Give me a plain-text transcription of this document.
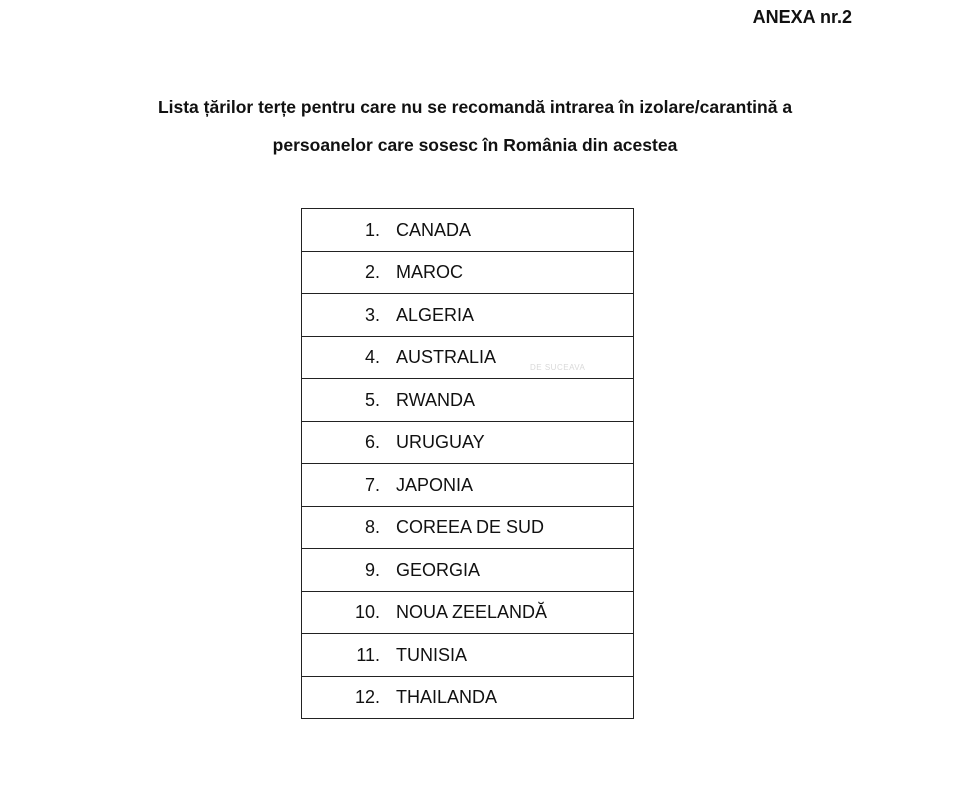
ANEXA nr.2
Lista țărilor terțe pentru care nu se recomandă intrarea în izolare/carantină a
persoanelor care sosesc în România din acestea
1.	CANADA
2.	MAROC
3.	ALGERIA
4.	AUSTRALIA
5.	RWANDA
6.	URUGUAY
7.	JAPONIA
8.	COREEA DE SUD
9.	GEORGIA
10.	NOUA ZEELANDĂ
11.	TUNISIA
12.	THAILANDA
DE SUCEAVA
